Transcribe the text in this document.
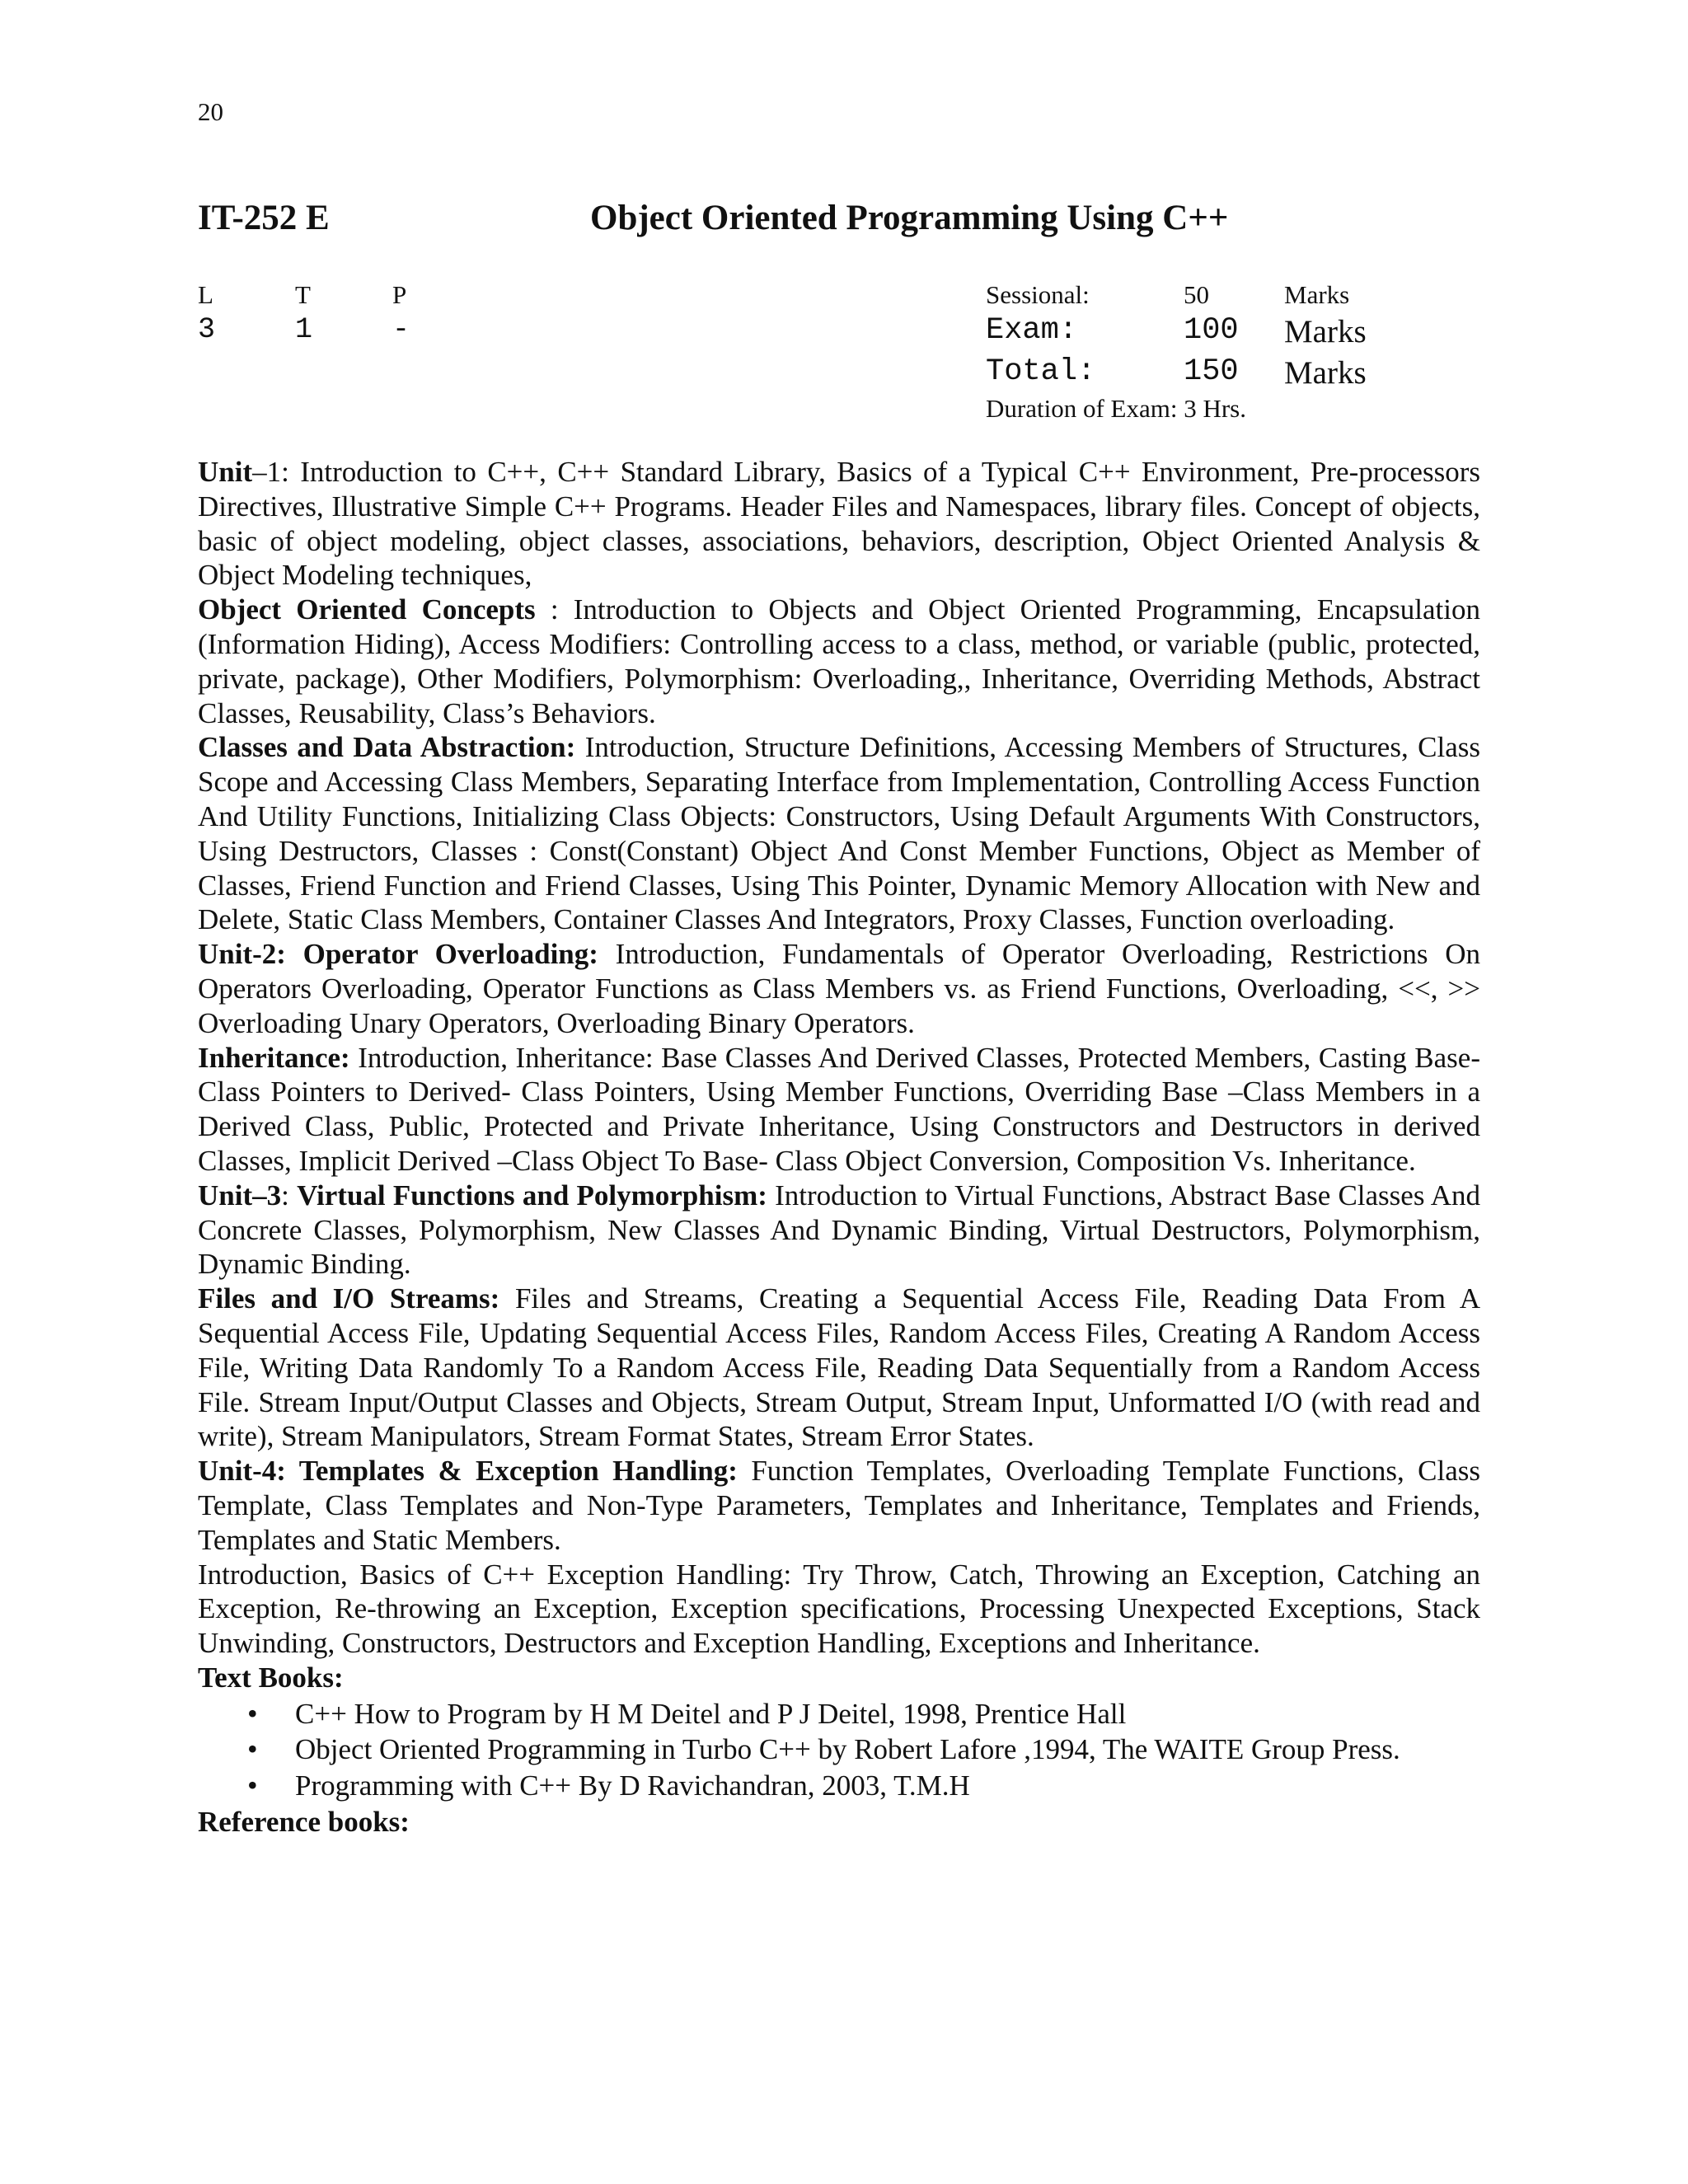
20
IT-252 E	Object Oriented Programming Using C++
L	T	P
3	1	-
Sessional:	50	Marks
Exam:	100 Marks
Total:	150 Marks
Duration of Exam: 3 Hrs.

Unit–1: Introduction to C++, C++ Standard Library, Basics of a Typical C++ Environment, Pre-processors Directives, Illustrative Simple C++ Programs. Header Files and Namespaces, library files. Concept of objects, basic of object modeling, object classes, associations, behaviors, description, Object Oriented Analysis & Object Modeling techniques,

Object Oriented Concepts : Introduction to Objects and Object Oriented Programming, Encapsulation (Information Hiding), Access Modifiers: Controlling access to a class, method, or variable (public, protected, private, package), Other Modifiers, Polymorphism: Overloading,, Inheritance, Overriding Methods, Abstract Classes, Reusability, Class’s Behaviors.

Classes and Data Abstraction: Introduction, Structure Definitions, Accessing Members of Structures, Class Scope and Accessing Class Members, Separating Interface from Implementation, Controlling Access Function And Utility Functions, Initializing Class Objects: Constructors, Using Default Arguments With Constructors, Using Destructors, Classes : Const(Constant) Object And Const Member Functions, Object as Member of Classes, Friend Function and Friend Classes, Using This Pointer, Dynamic Memory Allocation with New and Delete, Static Class Members, Container Classes And Integrators, Proxy Classes, Function overloading.

Unit-2: Operator Overloading: Introduction, Fundamentals of Operator Overloading, Restrictions On Operators Overloading, Operator Functions as Class Members vs. as Friend Functions, Overloading, <<, >> Overloading Unary Operators, Overloading Binary Operators.

Inheritance: Introduction, Inheritance: Base Classes And Derived Classes, Protected Members, Casting Base- Class Pointers to Derived- Class Pointers, Using Member Functions, Overriding Base –Class Members in a Derived Class, Public, Protected and Private Inheritance, Using Constructors and Destructors in derived Classes, Implicit Derived –Class Object To Base- Class Object Conversion, Composition Vs. Inheritance.

Unit–3: Virtual Functions and Polymorphism: Introduction to Virtual Functions, Abstract Base Classes And Concrete Classes, Polymorphism, New Classes And Dynamic Binding, Virtual Destructors, Polymorphism, Dynamic Binding.

Files and I/O Streams: Files and Streams, Creating a Sequential Access File, Reading Data From A Sequential Access File, Updating Sequential Access Files, Random Access Files, Creating A Random Access File, Writing Data Randomly To a Random Access File, Reading Data Sequentially from a Random Access File. Stream Input/Output Classes and Objects, Stream Output, Stream Input, Unformatted I/O (with read and write), Stream Manipulators, Stream Format States, Stream Error States.

Unit-4: Templates & Exception Handling: Function Templates, Overloading Template Functions, Class Template, Class Templates and Non-Type Parameters, Templates and Inheritance, Templates and Friends, Templates and Static Members.

Introduction, Basics of C++ Exception Handling: Try Throw, Catch, Throwing an Exception, Catching an Exception, Re-throwing an Exception, Exception specifications, Processing Unexpected Exceptions, Stack Unwinding, Constructors, Destructors and Exception Handling, Exceptions and Inheritance.

Text Books:
• C++ How to Program by H M Deitel and P J Deitel, 1998, Prentice Hall
• Object Oriented Programming in Turbo C++ by Robert Lafore ,1994, The WAITE Group Press.
• Programming with C++ By D Ravichandran, 2003, T.M.H
Reference books:
